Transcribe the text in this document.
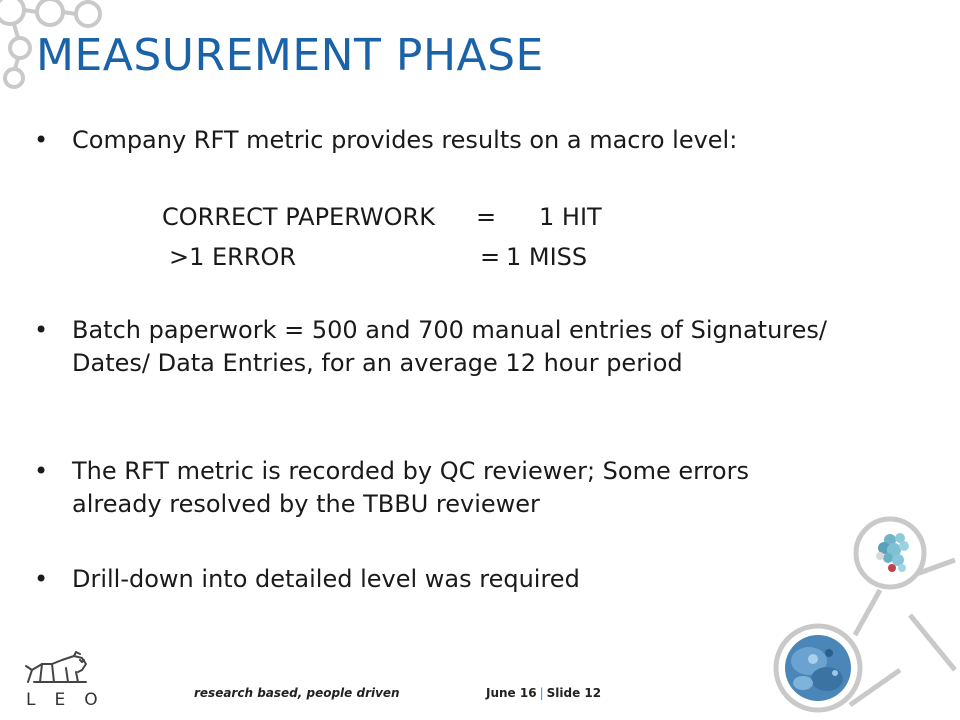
MEASUREMENT PHASE
• Company RFT metric provides results on a macro level:
CORRECT PAPERWORK = 1 HIT
>1 ERROR	= 1 MISS
• Batch paperwork = 500 and 700 manual entries of Signatures/ Dates/ Data Entries, for an average 12 hour period
• The RFT metric is recorded by QC reviewer; Some errors already resolved by the TBBU reviewer
• Drill-down into detailed level was required
LEO	research based, people driven	June 16 | Slide 12
